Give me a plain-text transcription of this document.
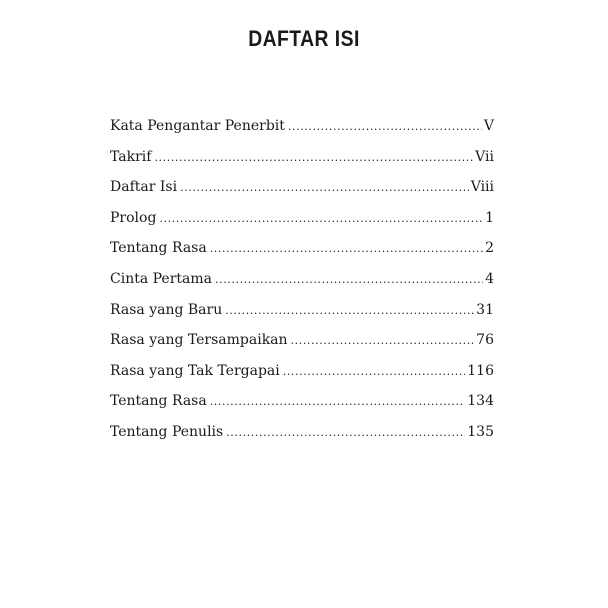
DAFTAR ISI
Kata Pengantar Penerbit .....	V
Takrif .....	Vii
Daftar Isi .....	Viii
Prolog .....	1
Tentang Rasa .....	2
Cinta Pertama .....	4
Rasa yang Baru .....	31
Rasa yang Tersampaikan .....	76
Rasa yang Tak Tergapai .....	116
Tentang Rasa .....	134
Tentang Penulis .....	135
